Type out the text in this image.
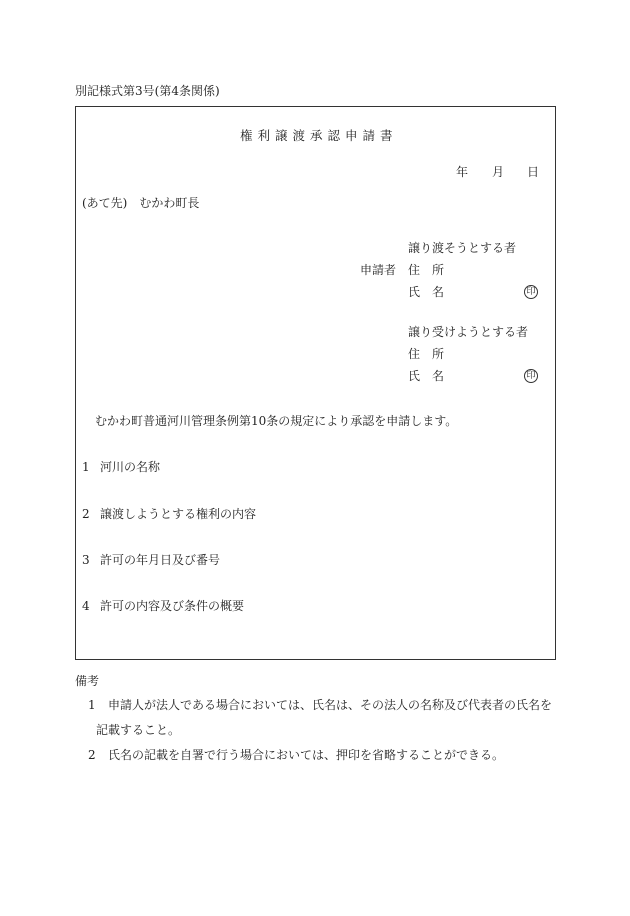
別記様式第3号(第4条関係)
権利譲渡承認申請書
年 月 日
(あて先)　むかわ町長
申請者
譲り渡そうとする者
住　所
氏　名	印
譲り受けようとする者
住　所
氏　名	印
むかわ町普通河川管理条例第10条の規定により承認を申請します。
1 河川の名称
2 譲渡しようとする権利の内容
3 許可の年月日及び番号
4 許可の内容及び条件の概要
備考
1 申請人が法人である場合においては、氏名は、その法人の名称及び代表者の氏名を
記載すること。
2 氏名の記載を自署で行う場合においては、押印を省略することができる。
